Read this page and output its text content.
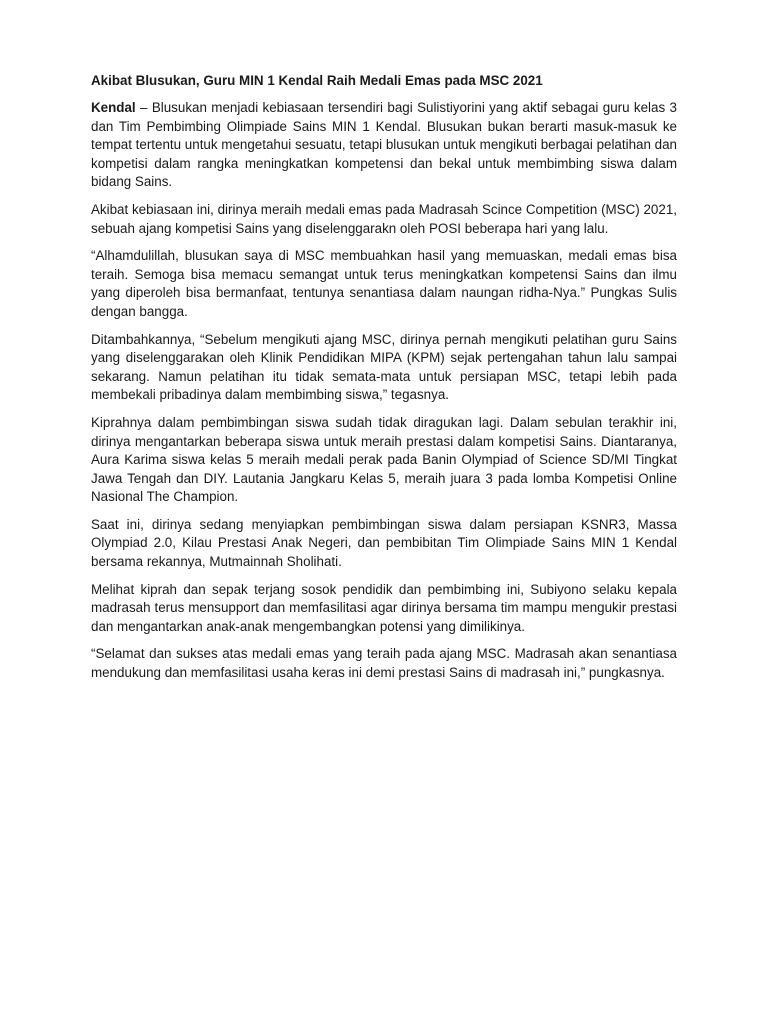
Akibat Blusukan, Guru MIN 1 Kendal Raih Medali Emas pada MSC 2021

Kendal – Blusukan menjadi kebiasaan tersendiri bagi Sulistiyorini yang aktif sebagai guru kelas 3 dan Tim Pembimbing Olimpiade Sains MIN 1 Kendal. Blusukan bukan berarti masuk-masuk ke tempat tertentu untuk mengetahui sesuatu, tetapi blusukan untuk mengikuti berbagai pelatihan dan kompetisi dalam rangka meningkatkan kompetensi dan bekal untuk membimbing siswa dalam bidang Sains.

Akibat kebiasaan ini, dirinya meraih medali emas pada Madrasah Scince Competition (MSC) 2021, sebuah ajang kompetisi Sains yang diselenggarakn oleh POSI beberapa hari yang lalu.

“Alhamdulillah, blusukan saya di MSC membuahkan hasil yang memuaskan, medali emas bisa teraih. Semoga bisa memacu semangat untuk terus meningkatkan kompetensi Sains dan ilmu yang diperoleh bisa bermanfaat, tentunya senantiasa dalam naungan ridha-Nya.” Pungkas Sulis dengan bangga.

Ditambahkannya, “Sebelum mengikuti ajang MSC, dirinya pernah mengikuti pelatihan guru Sains yang diselenggarakan oleh Klinik Pendidikan MIPA (KPM) sejak pertengahan tahun lalu sampai sekarang. Namun pelatihan itu tidak semata-mata untuk persiapan MSC, tetapi lebih pada membekali pribadinya dalam membimbing siswa,” tegasnya.

Kiprahnya dalam pembimbingan siswa sudah tidak diragukan lagi. Dalam sebulan terakhir ini, dirinya mengantarkan beberapa siswa untuk meraih prestasi dalam kompetisi Sains. Diantaranya, Aura Karima siswa kelas 5 meraih medali perak pada Banin Olympiad of Science SD/MI Tingkat Jawa Tengah dan DIY. Lautania Jangkaru Kelas 5, meraih juara 3 pada lomba Kompetisi Online Nasional The Champion.

Saat ini, dirinya sedang menyiapkan pembimbingan siswa dalam persiapan KSNR3, Massa Olympiad 2.0, Kilau Prestasi Anak Negeri, dan pembibitan Tim Olimpiade Sains MIN 1 Kendal bersama rekannya, Mutmainnah Sholihati.

Melihat kiprah dan sepak terjang sosok pendidik dan pembimbing ini, Subiyono selaku kepala madrasah terus mensupport dan memfasilitasi agar dirinya bersama tim mampu mengukir prestasi dan mengantarkan anak-anak mengembangkan potensi yang dimilikinya.

“Selamat dan sukses atas medali emas yang teraih pada ajang MSC. Madrasah akan senantiasa mendukung dan memfasilitasi usaha keras ini demi prestasi Sains di madrasah ini,” pungkasnya.
